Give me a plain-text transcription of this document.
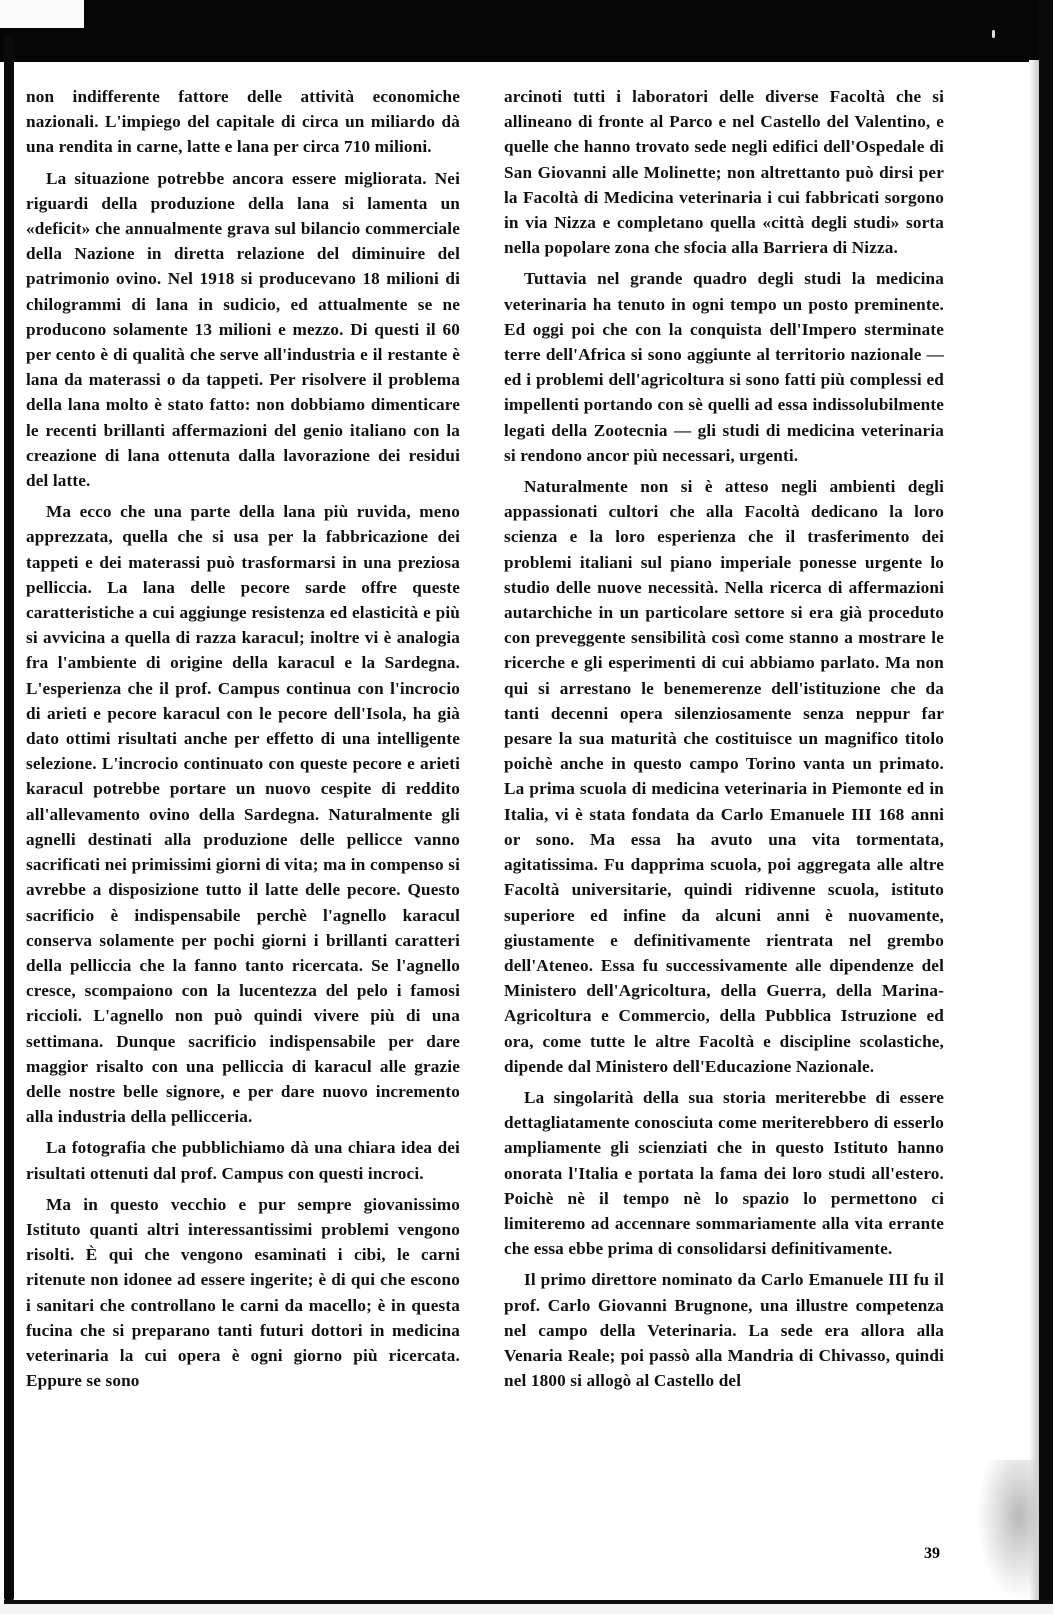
non indifferente fattore delle attività economiche nazionali. L'impiego del capitale di circa un miliardo dà una rendita in carne, latte e lana per circa 710 milioni.

La situazione potrebbe ancora essere migliorata. Nei riguardi della produzione della lana si lamenta un «deficit» che annualmente grava sul bilancio commerciale della Nazione in diretta relazione del diminuire del patrimonio ovino. Nel 1918 si producevano 18 milioni di chilogrammi di lana in sudicio, ed attualmente se ne producono solamente 13 milioni e mezzo. Di questi il 60 per cento è di qualità che serve all'industria e il restante è lana da materassi o da tappeti. Per risolvere il problema della lana molto è stato fatto: non dobbiamo dimenticare le recenti brillanti affermazioni del genio italiano con la creazione di lana ottenuta dalla lavorazione dei residui del latte.

Ma ecco che una parte della lana più ruvida, meno apprezzata, quella che si usa per la fabbricazione dei tappeti e dei materassi può trasformarsi in una preziosa pelliccia. La lana delle pecore sarde offre queste caratteristiche a cui aggiunge resistenza ed elasticità e più si avvicina a quella di razza karacul; inoltre vi è analogia fra l'ambiente di origine della karacul e la Sardegna. L'esperienza che il prof. Campus continua con l'incrocio di arieti e pecore karacul con le pecore dell'Isola, ha già dato ottimi risultati anche per effetto di una intelligente selezione. L'incrocio continuato con queste pecore e arieti karacul potrebbe portare un nuovo cespite di reddito all'allevamento ovino della Sardegna. Naturalmente gli agnelli destinati alla produzione delle pellicce vanno sacrificati nei primissimi giorni di vita; ma in compenso si avrebbe a disposizione tutto il latte delle pecore. Questo sacrificio è indispensabile perchè l'agnello karacul conserva solamente per pochi giorni i brillanti caratteri della pelliccia che la fanno tanto ricercata. Se l'agnello cresce, scompaiono con la lucentezza del pelo i famosi riccioli. L'agnello non può quindi vivere più di una settimana. Dunque sacrificio indispensabile per dare maggior risalto con una pelliccia di karacul alle grazie delle nostre belle signore, e per dare nuovo incremento alla industria della pellicceria.

La fotografia che pubblichiamo dà una chiara idea dei risultati ottenuti dal prof. Campus con questi incroci.

Ma in questo vecchio e pur sempre giovanissimo Istituto quanti altri interessantissimi problemi vengono risolti. È qui che vengono esaminati i cibi, le carni ritenute non idonee ad essere ingerite; è di qui che escono i sanitari che controllano le carni da macello; è in questa fucina che si preparano tanti futuri dottori in medicina veterinaria la cui opera è ogni giorno più ricercata. Eppure se sono

arcinoti tutti i laboratori delle diverse Facoltà che si allineano di fronte al Parco e nel Castello del Valentino, e quelle che hanno trovato sede negli edifici dell'Ospedale di San Giovanni alle Molinette; non altrettanto può dirsi per la Facoltà di Medicina veterinaria i cui fabbricati sorgono in via Nizza e completano quella «città degli studi» sorta nella popolare zona che sfocia alla Barriera di Nizza.

Tuttavia nel grande quadro degli studi la medicina veterinaria ha tenuto in ogni tempo un posto preminente. Ed oggi poi che con la conquista dell'Impero sterminate terre dell'Africa si sono aggiunte al territorio nazionale — ed i problemi dell'agricoltura si sono fatti più complessi ed impellenti portando con sè quelli ad essa indissolubilmente legati della Zootecnia — gli studi di medicina veterinaria si rendono ancor più necessari, urgenti.

Naturalmente non si è atteso negli ambienti degli appassionati cultori che alla Facoltà dedicano la loro scienza e la loro esperienza che il trasferimento dei problemi italiani sul piano imperiale ponesse urgente lo studio delle nuove necessità. Nella ricerca di affermazioni autarchiche in un particolare settore si era già proceduto con preveggente sensibilità così come stanno a mostrare le ricerche e gli esperimenti di cui abbiamo parlato. Ma non qui si arrestano le benemerenze dell'istituzione che da tanti decenni opera silenziosamente senza neppur far pesare la sua maturità che costituisce un magnifico titolo poichè anche in questo campo Torino vanta un primato. La prima scuola di medicina veterinaria in Piemonte ed in Italia, vi è stata fondata da Carlo Emanuele III 168 anni or sono. Ma essa ha avuto una vita tormentata, agitatissima. Fu dapprima scuola, poi aggregata alle altre Facoltà universitarie, quindi ridivenne scuola, istituto superiore ed infine da alcuni anni è nuovamente, giustamente e definitivamente rientrata nel grembo dell'Ateneo. Essa fu successivamente alle dipendenze del Ministero dell'Agricoltura, della Guerra, della Marina-Agricoltura e Commercio, della Pubblica Istruzione ed ora, come tutte le altre Facoltà e discipline scolastiche, dipende dal Ministero dell'Educazione Nazionale.

La singolarità della sua storia meriterebbe di essere dettagliatamente conosciuta come meriterebbero di esserlo ampliamente gli scienziati che in questo Istituto hanno onorata l'Italia e portata la fama dei loro studi all'estero. Poichè nè il tempo nè lo spazio lo permettono ci limiteremo ad accennare sommariamente alla vita errante che essa ebbe prima di consolidarsi definitivamente.

Il primo direttore nominato da Carlo Emanuele III fu il prof. Carlo Giovanni Brugnone, una illustre competenza nel campo della Veterinaria. La sede era allora alla Venaria Reale; poi passò alla Mandria di Chivasso, quindi nel 1800 si allogò al Castello del

39
